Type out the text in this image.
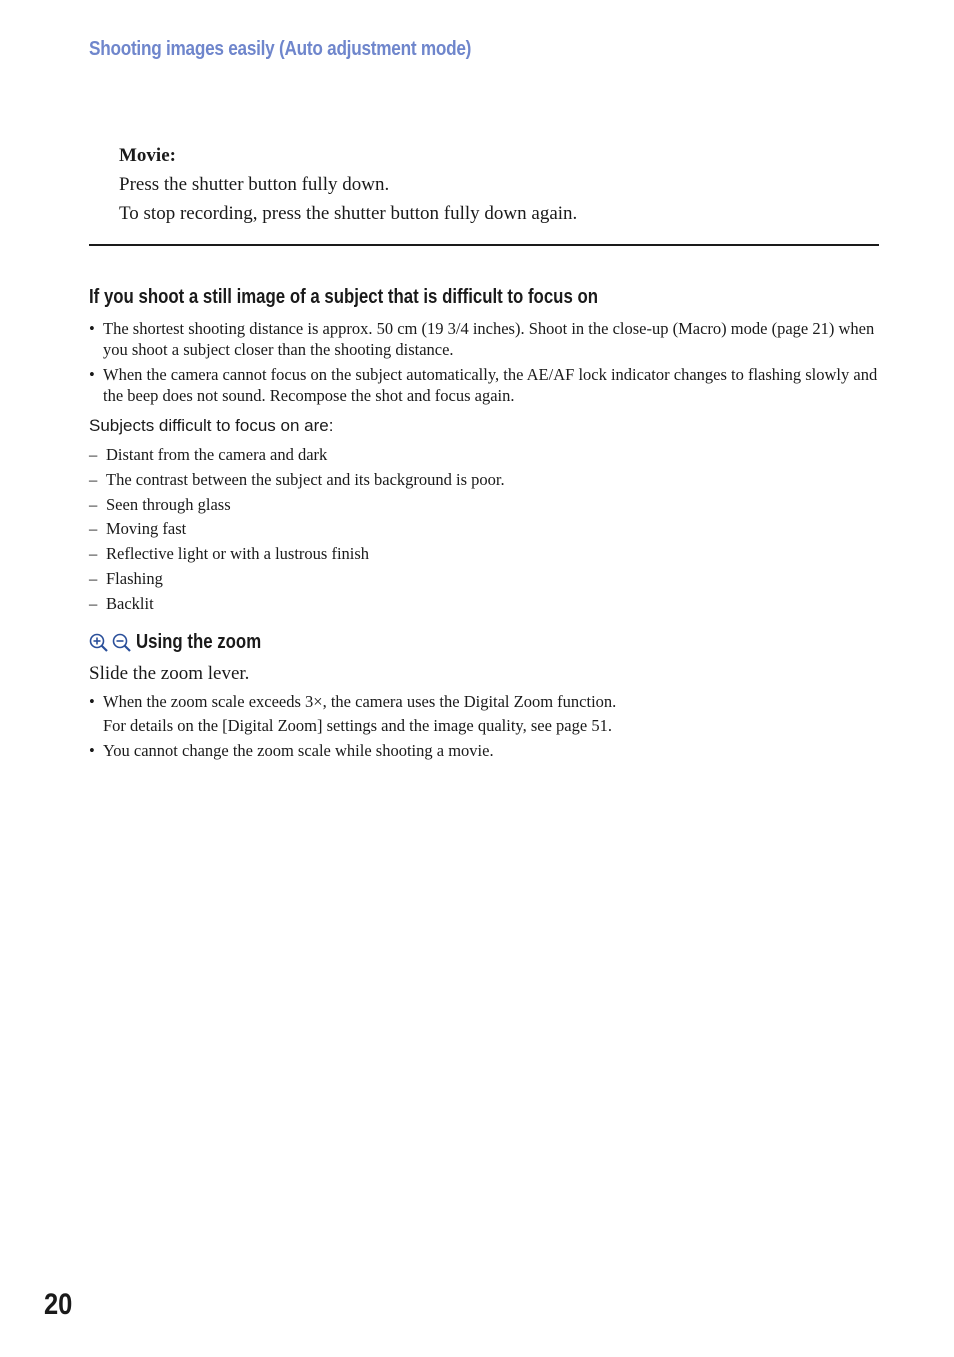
Shooting images easily (Auto adjustment mode)
Movie:
Press the shutter button fully down.
To stop recording, press the shutter button fully down again.
If you shoot a still image of a subject that is difficult to focus on
• The shortest shooting distance is approx. 50 cm (19 3/4 inches). Shoot in the close-up (Macro) mode (page 21) when you shoot a subject closer than the shooting distance.
• When the camera cannot focus on the subject automatically, the AE/AF lock indicator changes to flashing slowly and the beep does not sound. Recompose the shot and focus again.
Subjects difficult to focus on are:
– Distant from the camera and dark
– The contrast between the subject and its background is poor.
– Seen through glass
– Moving fast
– Reflective light or with a lustrous finish
– Flashing
– Backlit
Using the zoom
Slide the zoom lever.
• When the zoom scale exceeds 3×, the camera uses the Digital Zoom function.
For details on the [Digital Zoom] settings and the image quality, see page 51.
• You cannot change the zoom scale while shooting a movie.
20
